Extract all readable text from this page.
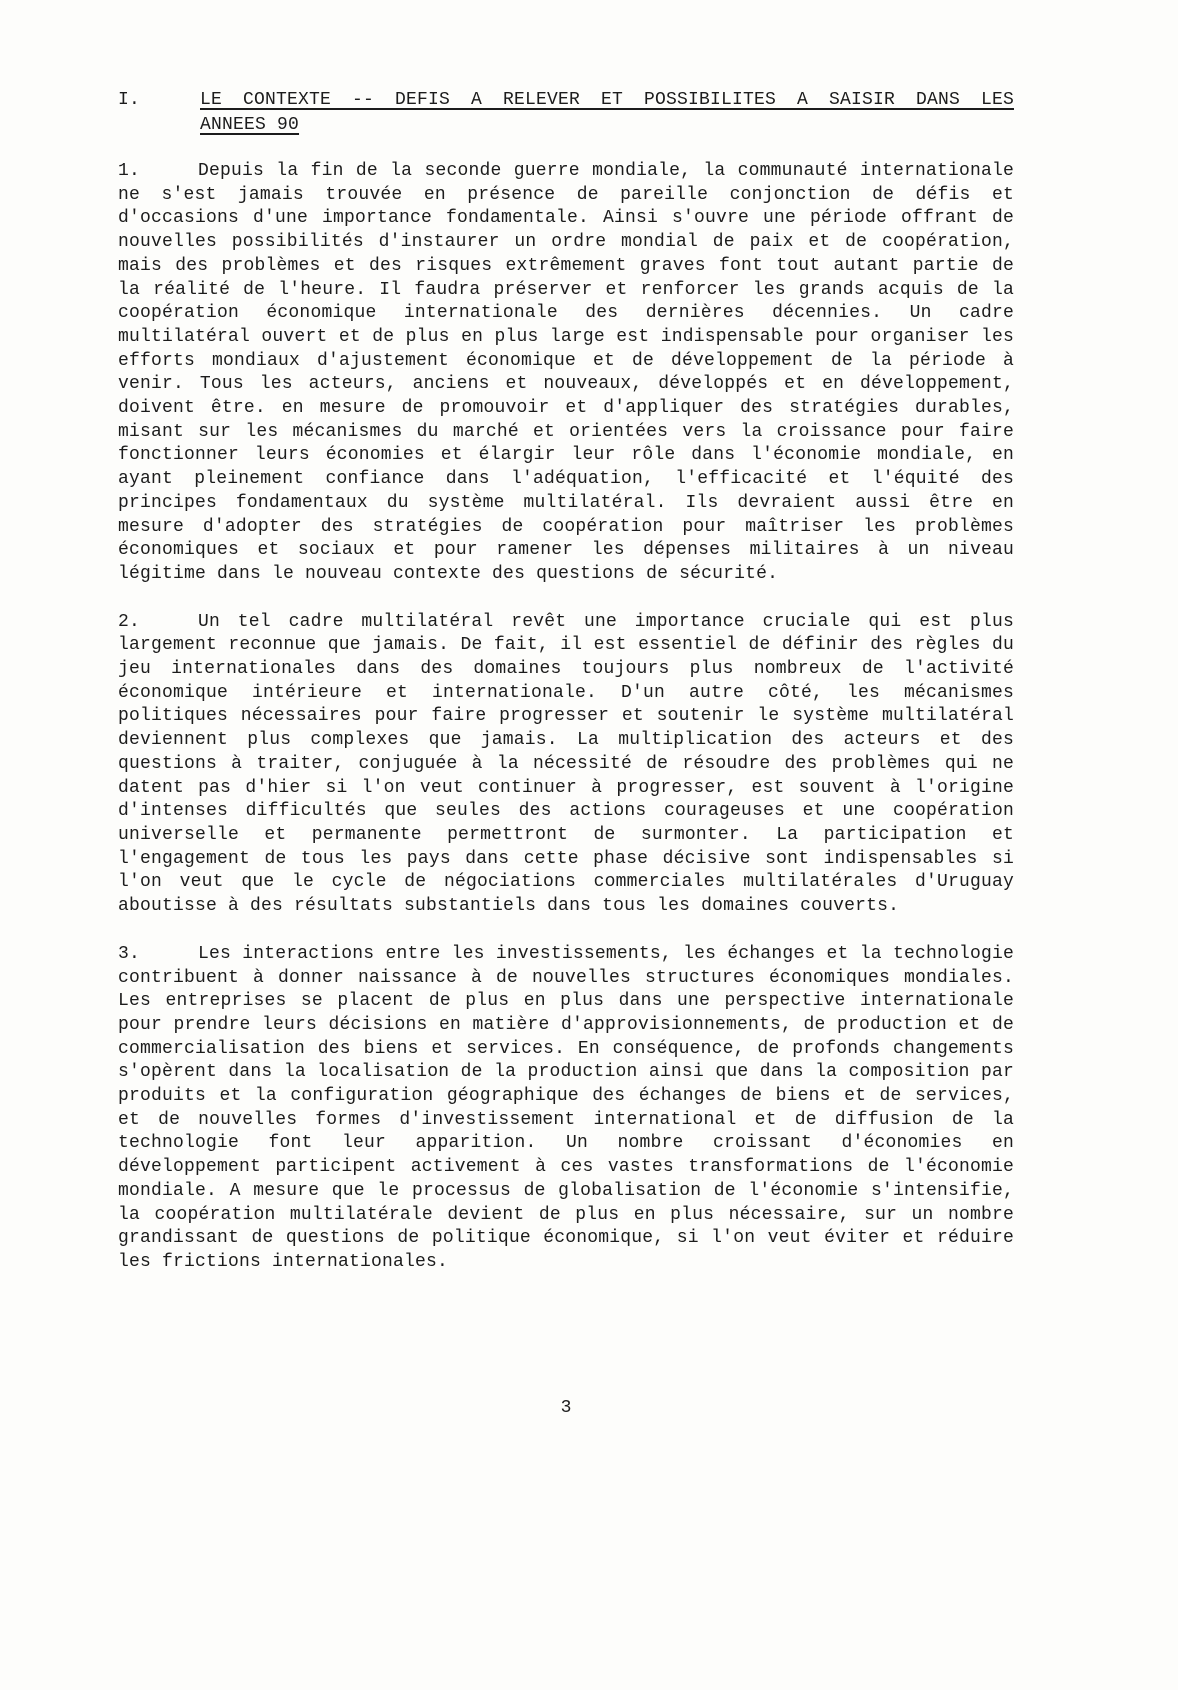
I.	LE CONTEXTE -- DEFIS A RELEVER ET POSSIBILITES A SAISIR DANS LES
ANNEES 90

1.	Depuis la fin de la seconde guerre mondiale, la communauté internationale ne s'est jamais trouvée en présence de pareille conjonction de défis et d'occasions d'une importance fondamentale. Ainsi s'ouvre une période offrant de nouvelles possibilités d'instaurer un ordre mondial de paix et de coopération, mais des problèmes et des risques extrêmement graves font tout autant partie de la réalité de l'heure. Il faudra préserver et renforcer les grands acquis de la coopération économique internationale des dernières décennies. Un cadre multilatéral ouvert et de plus en plus large est indispensable pour organiser les efforts mondiaux d'ajustement économique et de développement de la période à venir. Tous les acteurs, anciens et nouveaux, développés et en développement, doivent être. en mesure de promouvoir et d'appliquer des stratégies durables, misant sur les mécanismes du marché et orientées vers la croissance pour faire fonctionner leurs économies et élargir leur rôle dans l'économie mondiale, en ayant pleinement confiance dans l'adéquation, l'efficacité et l'équité des principes fondamentaux du système multilatéral. Ils devraient aussi être en mesure d'adopter des stratégies de coopération pour maîtriser les problèmes économiques et sociaux et pour ramener les dépenses militaires à un niveau légitime dans le nouveau contexte des questions de sécurité.

2.	Un tel cadre multilatéral revêt une importance cruciale qui est plus largement reconnue que jamais. De fait, il est essentiel de définir des règles du jeu internationales dans des domaines toujours plus nombreux de l'activité économique intérieure et internationale. D'un autre côté, les mécanismes politiques nécessaires pour faire progresser et soutenir le système multilatéral deviennent plus complexes que jamais. La multiplication des acteurs et des questions à traiter, conjuguée à la nécessité de résoudre des problèmes qui ne datent pas d'hier si l'on veut continuer à progresser, est souvent à l'origine d'intenses difficultés que seules des actions courageuses et une coopération universelle et permanente permettront de surmonter. La participation et l'engagement de tous les pays dans cette phase décisive sont indispensables si l'on veut que le cycle de négociations commerciales multilatérales d'Uruguay aboutisse à des résultats substantiels dans tous les domaines couverts.

3.	Les interactions entre les investissements, les échanges et la technologie contribuent à donner naissance à de nouvelles structures économiques mondiales. Les entreprises se placent de plus en plus dans une perspective internationale pour prendre leurs décisions en matière d'approvisionnements, de production et de commercialisation des biens et services. En conséquence, de profonds changements s'opèrent dans la localisation de la production ainsi que dans la composition par produits et la configuration géographique des échanges de biens et de services, et de nouvelles formes d'investissement international et de diffusion de la technologie font leur apparition. Un nombre croissant d'économies en développement participent activement à ces vastes transformations de l'économie mondiale. A mesure que le processus de globalisation de l'économie s'intensifie, la coopération multilatérale devient de plus en plus nécessaire, sur un nombre grandissant de questions de politique économique, si l'on veut éviter et réduire les frictions internationales.

3
